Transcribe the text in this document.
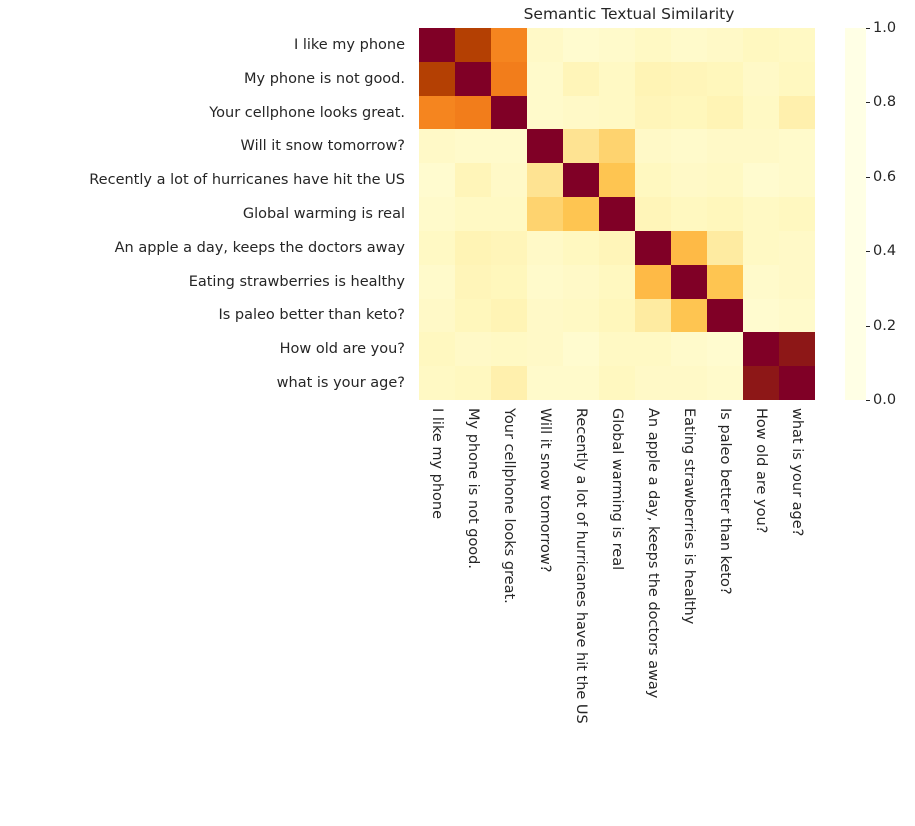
Semantic Textual Similarity
I like my phone
My phone is not good.
Your cellphone looks great.
Will it snow tomorrow?
Recently a lot of hurricanes have hit the US
Global warming is real
An apple a day, keeps the doctors away
Eating strawberries is healthy
Is paleo better than keto?
How old are you?
what is your age?
I like my phone My phone is not good. Your cellphone looks great. Will it snow tomorrow? Recently a lot of hurricanes have hit the US Global warming is real An apple a day, keeps the doctors away Eating strawberries is healthy Is paleo better than keto? How old are you? what is your age?
0.0
0.2
0.4
0.6
0.8
1.0
